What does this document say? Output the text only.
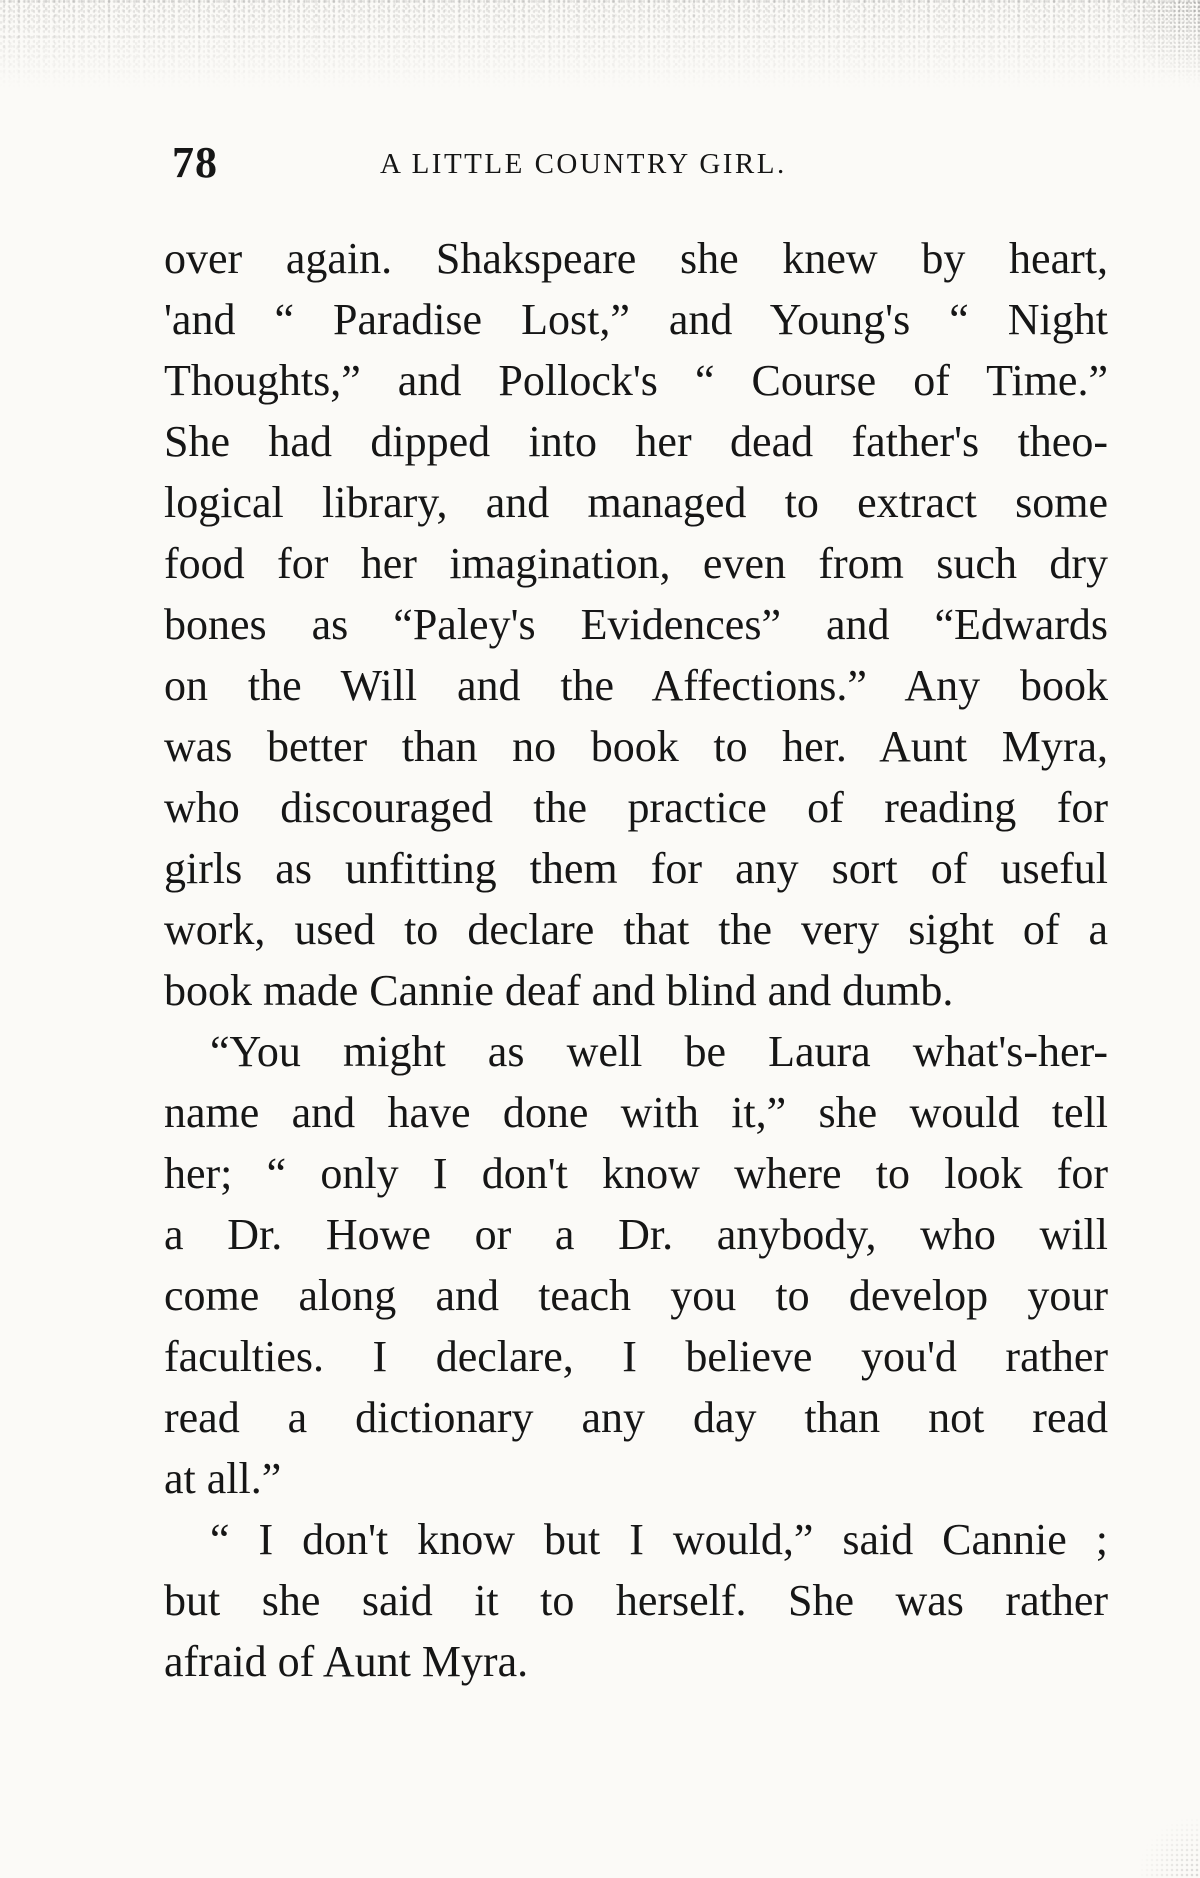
78	A LITTLE COUNTRY GIRL.
over again. Shakspeare she knew by heart,
'and “ Paradise Lost,” and Young's “ Night
Thoughts,” and Pollock's “ Course of Time.”
She had dipped into her dead father's theo-
logical library, and managed to extract some
food for her imagination, even from such dry
bones as “Paley's Evidences” and “Edwards
on the Will and the Affections.” Any book
was better than no book to her. Aunt Myra,
who discouraged the practice of reading for
girls as unfitting them for any sort of useful
work, used to declare that the very sight of a
book made Cannie deaf and blind and dumb.
“You might as well be Laura what's-her-
name and have done with it,” she would tell
her; “ only I don't know where to look for
a Dr. Howe or a Dr. anybody, who will
come along and teach you to develop your
faculties. I declare, I believe you'd rather
read a dictionary any day than not read
at all.”
“ I don't know but I would,” said Cannie ;
but she said it to herself. She was rather
afraid of Aunt Myra.
